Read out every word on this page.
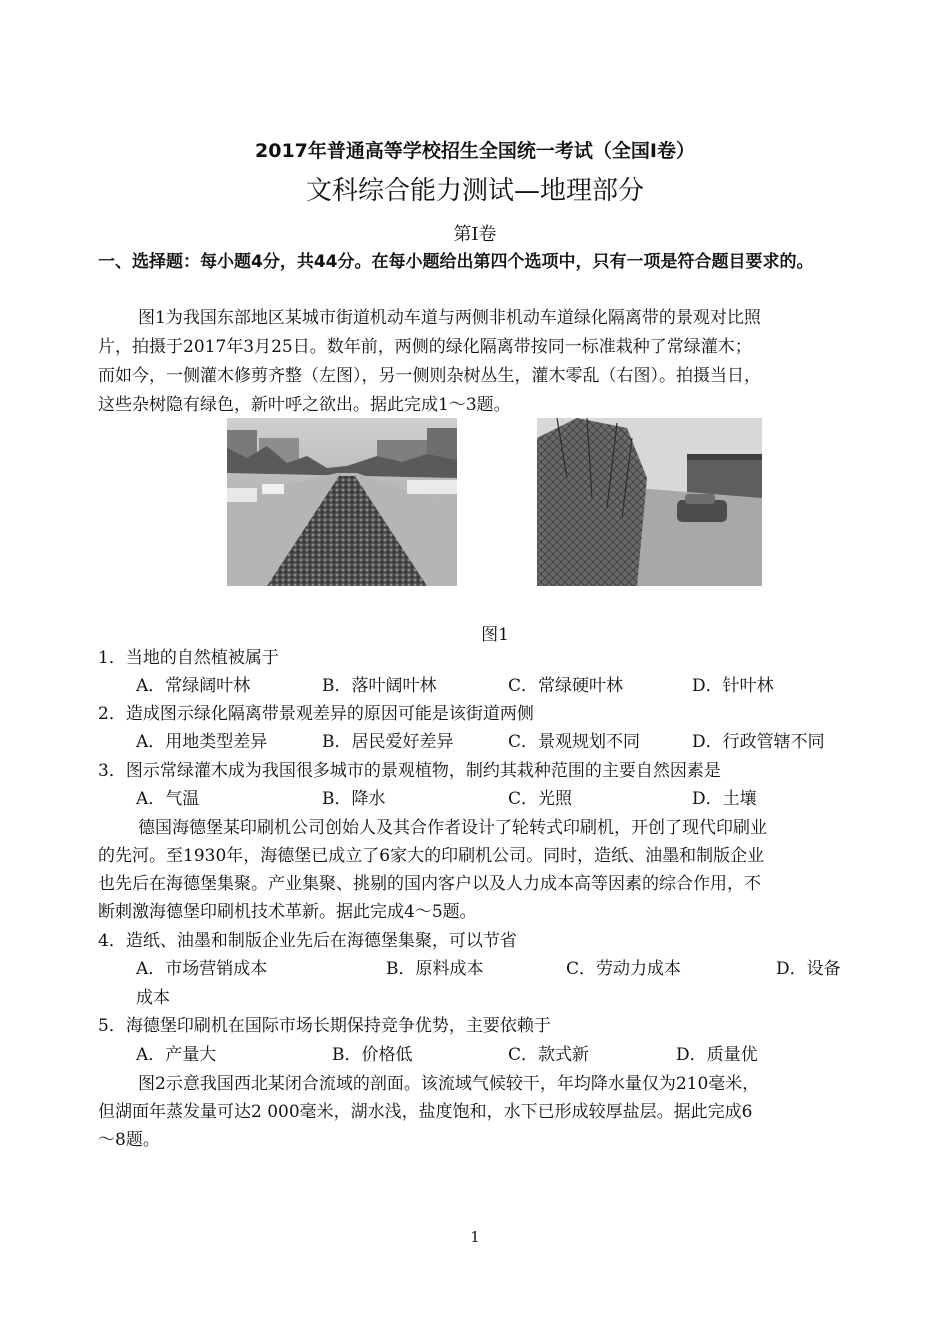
2017年普通高等学校招生全国统一考试（全国Ⅰ卷）
文科综合能力测试—地理部分
第Ⅰ卷
一、选择题：每小题4分，共44分。在每小题给出第四个选项中，只有一项是符合题目要求的。
图1为我国东部地区某城市街道机动车道与两侧非机动车道绿化隔离带的景观对比照
片，拍摄于2017年3月25日。数年前，两侧的绿化隔离带按同一标准栽种了常绿灌木；
而如今，一侧灌木修剪齐整（左图），另一侧则杂树丛生，灌木零乱（右图）。拍摄当日，
这些杂树隐有绿色，新叶呼之欲出。据此完成1～3题。
图1
1．当地的自然植被属于
A．常绿阔叶林	B．落叶阔叶林	C．常绿硬叶林	D．针叶林
2．造成图示绿化隔离带景观差异的原因可能是该街道两侧
A．用地类型差异	B．居民爱好差异	C．景观规划不同	D．行政管辖不同
3．图示常绿灌木成为我国很多城市的景观植物，制约其栽种范围的主要自然因素是
A．气温	B．降水	C．光照	D．土壤
德国海德堡某印刷机公司创始人及其合作者设计了轮转式印刷机，开创了现代印刷业
的先河。至1930年，海德堡已成立了6家大的印刷机公司。同时，造纸、油墨和制版企业
也先后在海德堡集聚。产业集聚、挑剔的国内客户以及人力成本高等因素的综合作用，不
断刺激海德堡印刷机技术革新。据此完成4～5题。
4．造纸、油墨和制版企业先后在海德堡集聚，可以节省
A．市场营销成本	B．原料成本	C．劳动力成本	D．设备
成本
5．海德堡印刷机在国际市场长期保持竞争优势，主要依赖于
A．产量大	B．价格低	C．款式新	D．质量优
图2示意我国西北某闭合流域的剖面。该流域气候较干，年均降水量仅为210毫米，
但湖面年蒸发量可达2 000毫米，湖水浅，盐度饱和，水下已形成较厚盐层。据此完成6
～8题。
1
